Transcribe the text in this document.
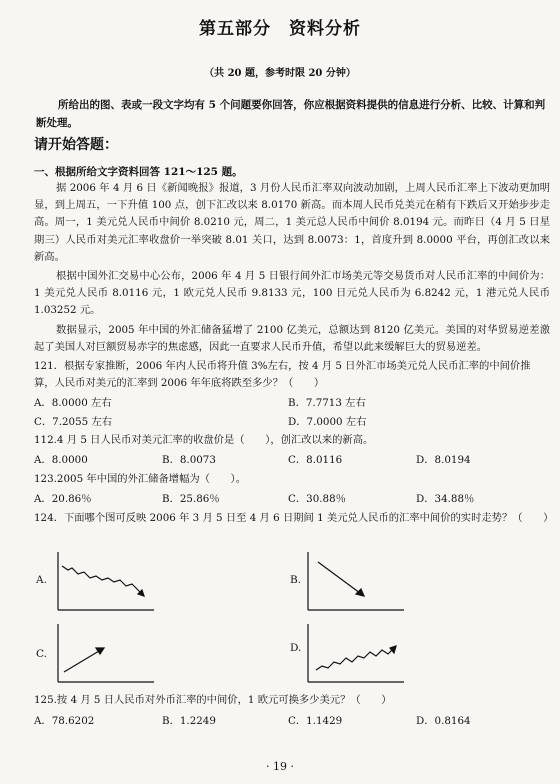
第五部分　资料分析
（共 20 题，参考时限 20 分钟）
所给出的图、表或一段文字均有 5 个问题要你回答，你应根据资料提供的信息进行分析、比较、计算和判断处理。
请开始答题：
一、根据所给文字资料回答 121～125 题。
据 2006 年 4 月 6 日《新闻晚报》报道，3 月份人民币汇率双向波动加剧，上周人民币汇率上下波动更加明显，到上周五，一下升值 100 点，创下汇改以来 8.0170 新高。而本周人民币兑美元在稍有下跌后又开始步步走高。周一，1 美元兑人民币中间价 8.0210 元，周二，1 美元总人民币中间价 8.0194 元。而昨日（4 月 5 日星期三）人民币对美元汇率收盘价一举突破 8.01 关口，达到 8.0073：1，首度升到 8.0000 平台，再创汇改以来新高。
根据中国外汇交易中心公布，2006 年 4 月 5 日银行间外汇市场美元等交易货币对人民币汇率的中间价为：1 美元兑人民币 8.0116 元，1 欧元兑人民币 9.8133 元，100 日元兑人民币为 6.8242 元，1 港元兑人民币 1.03252 元。
数据显示，2005 年中国的外汇储备猛增了 2100 亿美元，总额达到 8120 亿美元。美国的对华贸易逆差激起了美国人对巨额贸易赤字的焦虑感，因此一直要求人民币升值，希望以此来缓解巨大的贸易逆差。
121．根据专家推断，2006 年内人民币将升值 3%左右，按 4 月 5 日外汇市场美元兑人民币汇率的中间价推算，人民币对美元的汇率到 2006 年年底将跌至多少？（　　）
A．8.0000 左右	B．7.7713 左右
C．7.2055 左右	D．7.0000 左右
112.4 月 5 日人民币对美元汇率的收盘价是（　　），创汇改以来的新高。
A．8.0000	B．8.0073	C．8.0116	D．8.0194
123.2005 年中国的外汇储备增幅为（　　）。
A．20.86％	B．25.86％	C．30.88％	D．34.88％
124．下面哪个图可反映 2006 年 3 月 5 日至 4 月 6 日期间 1 美元兑人民币的汇率中间价的实时走势？（　　）
A.	B.
C.	D.
125.按 4 月 5 日人民币对外币汇率的中间价，1 欧元可换多少美元？（　　）
A．78.6202	B．1.2249	C．1.1429	D．0.8164
· 19 ·
